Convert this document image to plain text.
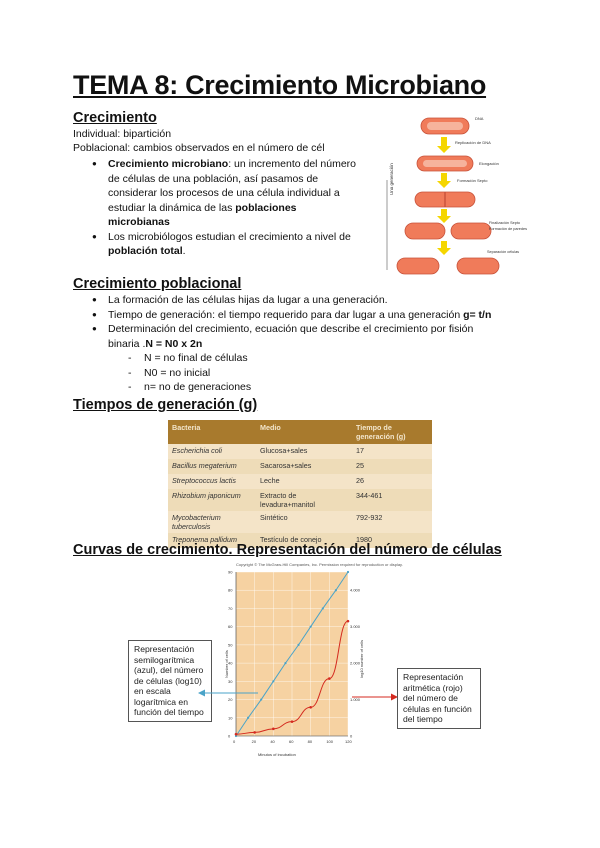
TEMA 8: Crecimiento Microbiano
Crecimiento

Individual: bipartición

Poblacional: cambios observados en el número de cél

● Crecimiento microbiano: un incremento del número
de células de una población, así pasamos de
considerar los procesos de una célula individual a
estudiar la dinámica de las poblaciones
microbianas
● Los microbiólogos estudian el crecimiento a nivel de
población total.
Una generación
DNA
Replicación de DNA
Elongación
Formación Septo
Finalización Septo
Formación de paredes
Separación células
Crecimiento poblacional
● La formación de las células hijas da lugar a una generación.
● Tiempo de generación: el tiempo requerido para dar lugar a una generación g= t/n
● Determinación del crecimiento, ecuación que describe el crecimiento por fisión
binaria .N = N0 x 2n
- N = no final de células
- N0 = no inicial
- n= no de generaciones
Tiempos de generación (g)
Bacteria	Medio	Tiempo de generación (g)
Escherichia coli	Glucosa+sales	17
Bacillus megaterium	Sacarosa+sales	25
Streptococcus lactis	Leche	26
Rhizobium japonicum	Extracto de levadura+manitol	344-461
Mycobacterium tuberculosis	Sintético	792-932
Treponema pallidum	Testículo de conejo	1980
Curvas de crecimiento. Representación del número de células
Copyright © The McGraw-Hill Companies, Inc. Permission required for reproduction or display.
0	20	40	60	80	100	120
0
10
20
30
40
50
60
70
80
90
0
1.000
2.000
3.000
4.000
Minutos of incubation
Number of cells	log10 number of cells
Representación semilogarítmica (azul), del número de células (log10) en escala logarítmica en función del tiempo
Representación aritmética (rojo) del número de células en función del tiempo
